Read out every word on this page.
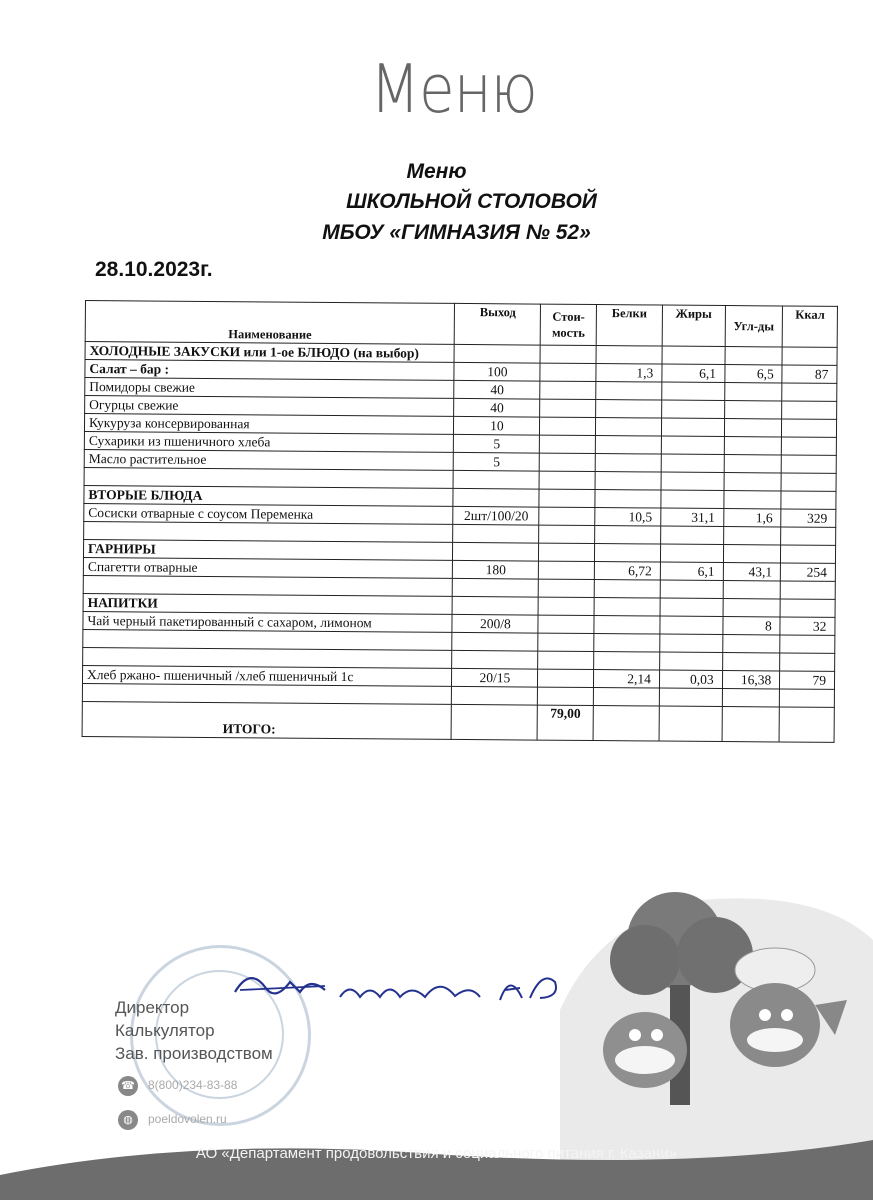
Меню
Меню
ШКОЛЬНОЙ СТОЛОВОЙ
МБОУ «ГИМНАЗИЯ № 52»
28.10.2023г.
Наименование	Выход	Стои-мость	Белки	Жиры	Угл-ды	Ккал
ХОЛОДНЫЕ ЗАКУСКИ или 1-ое БЛЮДО (на выбор)						
Салат – бар :	100		1,3	6,1	6,5	87
Помидоры свежие	40					
Огурцы свежие	40					
Кукуруза консервированная	10					
Сухарики из пшеничного хлеба	5					
Масло растительное	5					

ВТОРЫЕ БЛЮДА						
Сосиски отварные с соусом Переменка	2шт/100/20		10,5	31,1	1,6	329

ГАРНИРЫ						
Спагетти отварные	180		6,72	6,1	43,1	254

НАПИТКИ						
Чай черный пакетированный с сахаром, лимоном	200/8				8	32

Хлеб ржано- пшеничный /хлеб пшеничный 1с	20/15		2,14	0,03	16,38	79

ИТОГО:		79,00				
Директор
Калькулятор
Зав. производством
☎ 8(800)234-83-88
◍ poeldovolen.ru
АО «Департамент продовольствия и социального питания г. Казани»
